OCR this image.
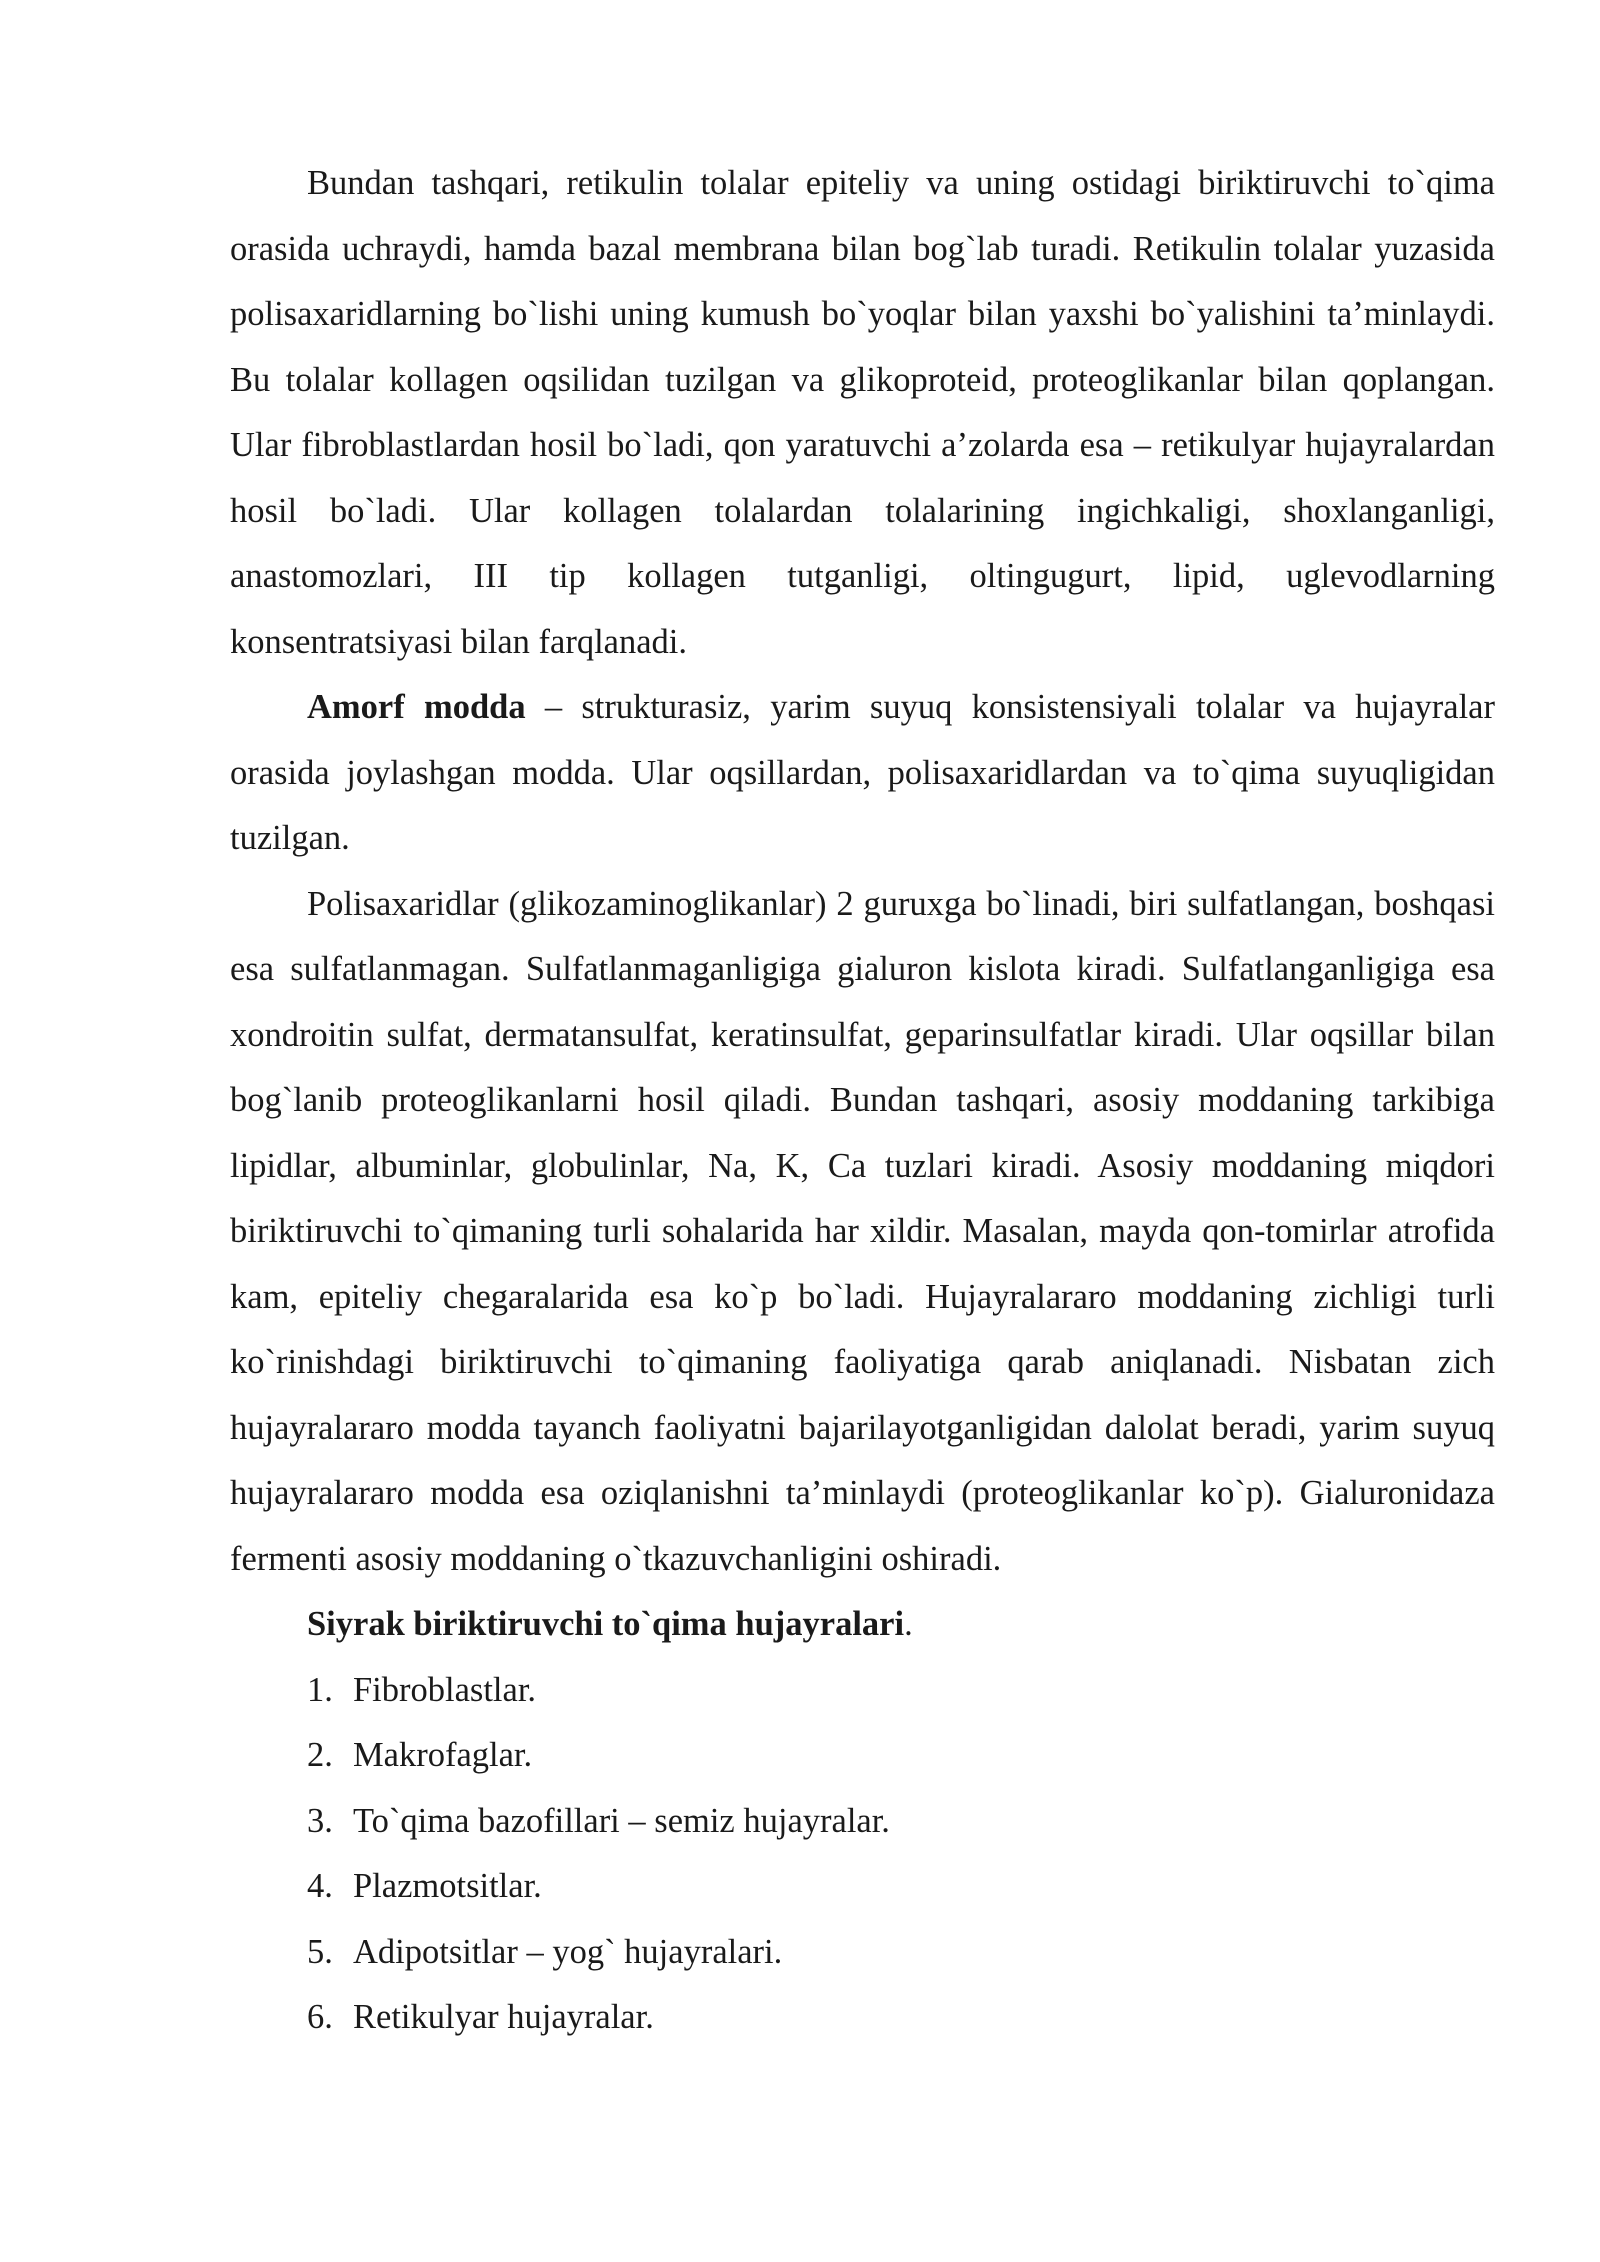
Bundan tashqari, retikulin tolalar epiteliy va uning ostidagi biriktiruvchi to`qima orasida uchraydi, hamda bazal membrana bilan bog`lab turadi. Retikulin tolalar yuzasida polisaxaridlarning bo`lishi uning kumush bo`yoqlar bilan yaxshi bo`yalishini ta’minlaydi. Bu tolalar kollagen oqsilidan tuzilgan va glikoproteid, proteoglikanlar bilan qoplangan. Ular fibroblastlardan hosil bo`ladi, qon yaratuvchi a’zolarda esa – retikulyar hujayralardan hosil bo`ladi. Ular kollagen tolalardan tolalarining ingichkaligi, shoxlanganligi, anastomozlari, III tip kollagen tutganligi, oltingugurt, lipid, uglevodlarning konsentratsiyasi bilan farqlanadi.

Amorf modda – strukturasiz, yarim suyuq konsistensiyali tolalar va hujayralar orasida joylashgan modda. Ular oqsillardan, polisaxaridlardan va to`qima suyuqligidan tuzilgan.

Polisaxaridlar (glikozaminoglikanlar) 2 guruxga bo`linadi, biri sulfatlangan, boshqasi esa sulfatlanmagan. Sulfatlanmaganligiga gialuron kislota kiradi. Sulfatlanganligiga esa xondroitin sulfat, dermatansulfat, keratinsulfat, geparinsulfatlar kiradi. Ular oqsillar bilan bog`lanib proteoglikanlarni hosil qiladi. Bundan tashqari, asosiy moddaning tarkibiga lipidlar, albuminlar, globulinlar, Na, K, Ca tuzlari kiradi. Asosiy moddaning miqdori biriktiruvchi to`qimaning turli sohalarida har xildir. Masalan, mayda qon-tomirlar atrofida kam, epiteliy chegaralarida esa ko`p bo`ladi. Hujayralararo moddaning zichligi turli ko`rinishdagi biriktiruvchi to`qimaning faoliyatiga qarab aniqlanadi. Nisbatan zich hujayralararo modda tayanch faoliyatni bajarilayotganligidan dalolat beradi, yarim suyuq hujayralararo modda esa oziqlanishni ta’minlaydi (proteoglikanlar ko`p). Gialuronidaza fermenti asosiy moddaning o`tkazuvchanligini oshiradi.

Siyrak biriktiruvchi to`qima hujayralari.

1. Fibroblastlar.
2. Makrofaglar.
3. To`qima bazofillari – semiz hujayralar.
4. Plazmotsitlar.
5. Adipotsitlar – yog` hujayralari.
6. Retikulyar hujayralar.
